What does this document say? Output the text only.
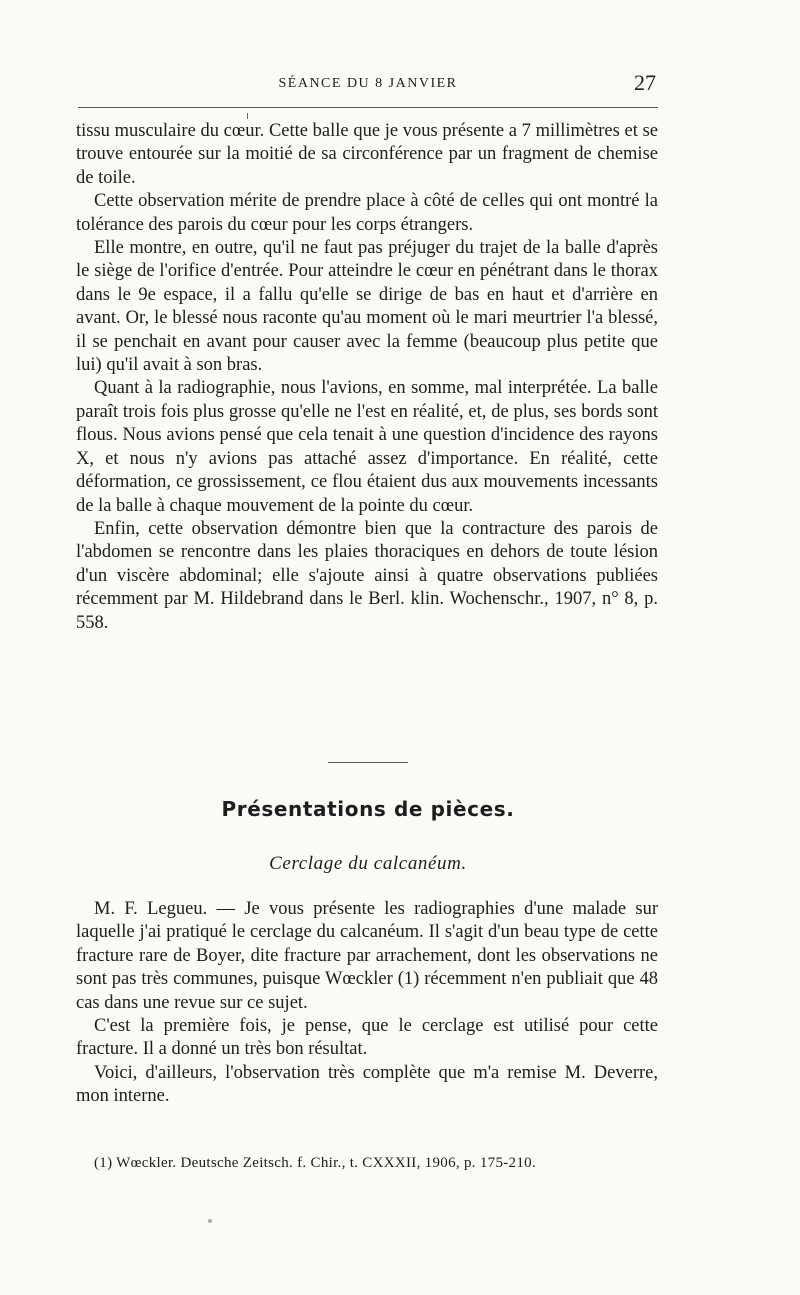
SÉANCE DU 8 JANVIER	27

tissu musculaire du cœur. Cette balle que je vous présente a 7 millimètres et se trouve entourée sur la moitié de sa circonférence par un fragment de chemise de toile.

Cette observation mérite de prendre place à côté de celles qui ont montré la tolérance des parois du cœur pour les corps étrangers.

Elle montre, en outre, qu'il ne faut pas préjuger du trajet de la balle d'après le siège de l'orifice d'entrée. Pour atteindre le cœur en pénétrant dans le thorax dans le 9e espace, il a fallu qu'elle se dirige de bas en haut et d'arrière en avant. Or, le blessé nous raconte qu'au moment où le mari meurtrier l'a blessé, il se penchait en avant pour causer avec la femme (beaucoup plus petite que lui) qu'il avait à son bras.

Quant à la radiographie, nous l'avions, en somme, mal interprétée. La balle paraît trois fois plus grosse qu'elle ne l'est en réalité, et, de plus, ses bords sont flous. Nous avions pensé que cela tenait à une question d'incidence des rayons X, et nous n'y avions pas attaché assez d'importance. En réalité, cette déformation, ce grossissement, ce flou étaient dus aux mouvements incessants de la balle à chaque mouvement de la pointe du cœur.

Enfin, cette observation démontre bien que la contracture des parois de l'abdomen se rencontre dans les plaies thoraciques en dehors de toute lésion d'un viscère abdominal; elle s'ajoute ainsi à quatre observations publiées récemment par M. Hildebrand dans le Berl. klin. Wochenschr., 1907, n° 8, p. 558.

Présentations de pièces.
Cerclage du calcanéum.

M. F. Legueu. — Je vous présente les radiographies d'une malade sur laquelle j'ai pratiqué le cerclage du calcanéum. Il s'agit d'un beau type de cette fracture rare de Boyer, dite fracture par arrachement, dont les observations ne sont pas très communes, puisque Wœckler (1) récemment n'en publiait que 48 cas dans une revue sur ce sujet.

C'est la première fois, je pense, que le cerclage est utilisé pour cette fracture. Il a donné un très bon résultat.

Voici, d'ailleurs, l'observation très complète que m'a remise M. Deverre, mon interne.

(1) Wœckler. Deutsche Zeitsch. f. Chir., t. CXXXII, 1906, p. 175-210.
